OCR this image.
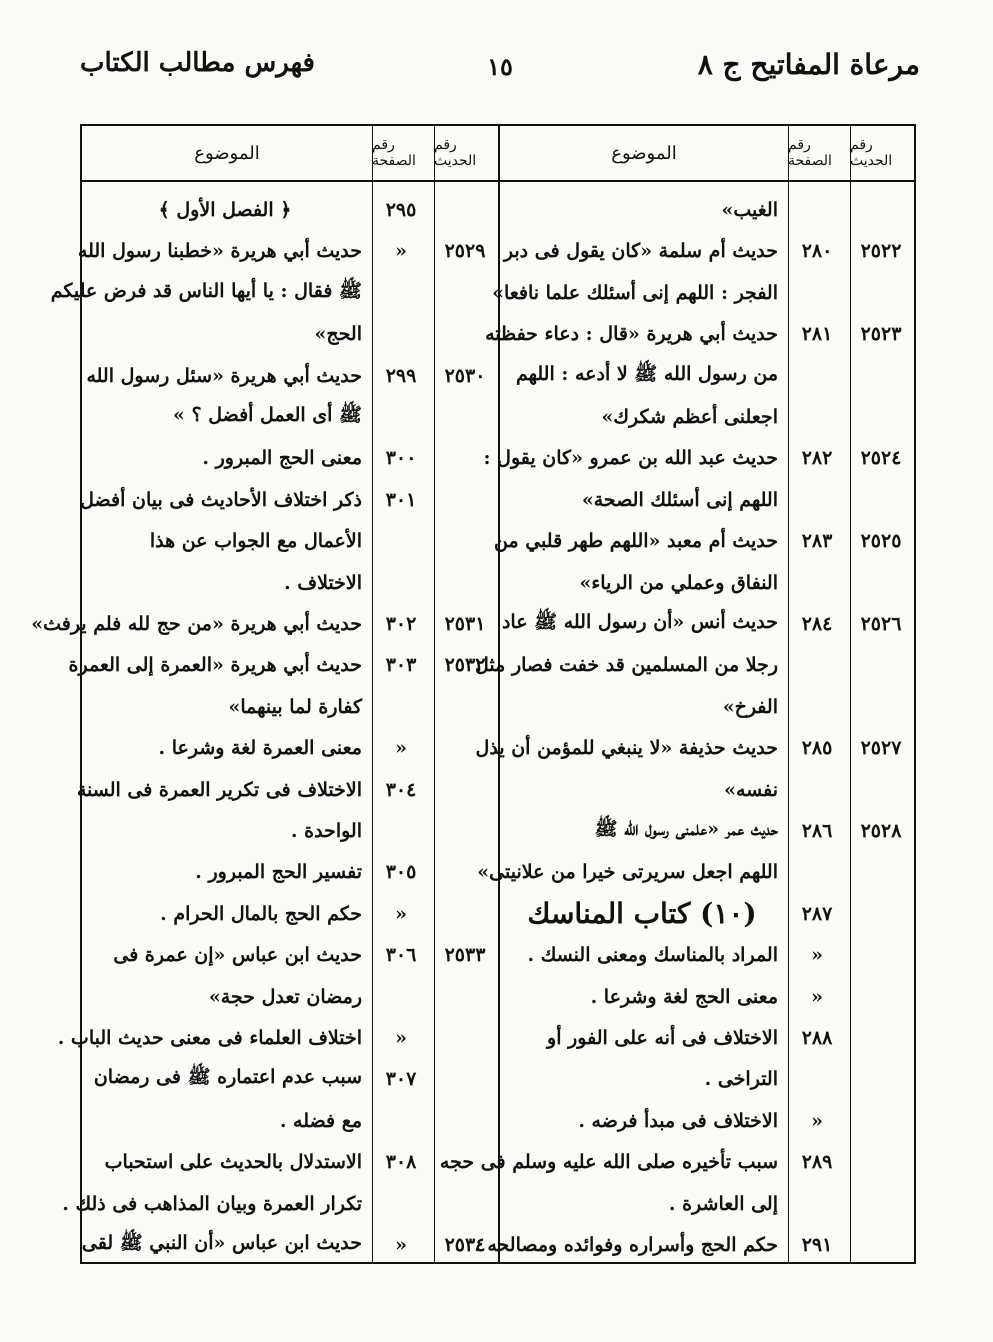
مرعاة المفاتيح ج ٨
١٥
فهرس مطالب الكتاب
الموضوع	رقم الصفحة
رقم الحديث
٢٩٥
﴿ الفصل الأول ﴾
٢٥٢٩
«
حديث أبي هريرة «خطبنا رسول الله
ﷺ فقال : يا أيها الناس قد فرض عليكم
الحج»
٢٥٣٠
٢٩٩
حديث أبي هريرة «سئل رسول الله
ﷺ أى العمل أفضل ؟ »
٣٠٠
معنى الحج المبرور .
٣٠١
ذكر اختلاف الأحاديث فى بيان أفضل
الأعمال مع الجواب عن هذا
الاختلاف .
٢٥٣١
٣٠٢
حديث أبي هريرة «من حج لله فلم يرفث»
٢٥٣٢
٣٠٣
حديث أبي هريرة «العمرة إلى العمرة
كفارة لما بينهما»
«
معنى العمرة لغة وشرعا .
٣٠٤
الاختلاف فى تكرير العمرة فى السنة
الواحدة .
٣٠٥
تفسير الحج المبرور .
«
حكم الحج بالمال الحرام .
٢٥٣٣
٣٠٦
حديث ابن عباس «إن عمرة فى
رمضان تعدل حجة»
«
اختلاف العلماء فى معنى حديث الباب .
٣٠٧
سبب عدم اعتماره ﷺ فى رمضان
مع فضله .
٣٠٨
الاستدلال بالحديث على استحباب
تكرار العمرة وبيان المذاهب فى ذلك .
٢٥٣٤
«
حديث ابن عباس «أن النبي ﷺ لقى
الموضوع	رقم الصفحة
رقم الحديث
الغيب»
٢٥٢٢
٢٨٠
حديث أم سلمة «كان يقول فى دبر
الفجر : اللهم إنى أسئلك علما نافعا»
٢٥٢٣
٢٨١
حديث أبي هريرة «قال : دعاء حفظته
من رسول الله ﷺ لا أدعه : اللهم
اجعلنى أعظم شكرك»
٢٥٢٤
٢٨٢
حديث عبد الله بن عمرو «كان يقول :
اللهم إنى أسئلك الصحة»
٢٥٢٥
٢٨٣
حديث أم معبد «اللهم طهر قلبي من
النفاق وعملي من الرياء»
٢٥٢٦
٢٨٤
حديث أنس «أن رسول الله ﷺ عاد
رجلا من المسلمين قد خفت فصار مثل
الفرخ»
٢٥٢٧
٢٨٥
حديث حذيفة «لا ينبغي للمؤمن أن يذل
نفسه»
٢٥٢٨
٢٨٦
حديث عمر «علمنى رسول الله ﷺ
اللهم اجعل سريرتى خيرا من علانيتى»
٢٨٧
(١٠) كتاب المناسك
«
المراد بالمناسك ومعنى النسك .
«
معنى الحج لغة وشرعا .
٢٨٨
الاختلاف فى أنه على الفور أو
التراخى .
«
الاختلاف فى مبدأ فرضه .
٢٨٩
سبب تأخيره صلى الله عليه وسلم فى حجه
إلى العاشرة .
٢٩١
حكم الحج وأسراره وفوائده ومصالحه .
